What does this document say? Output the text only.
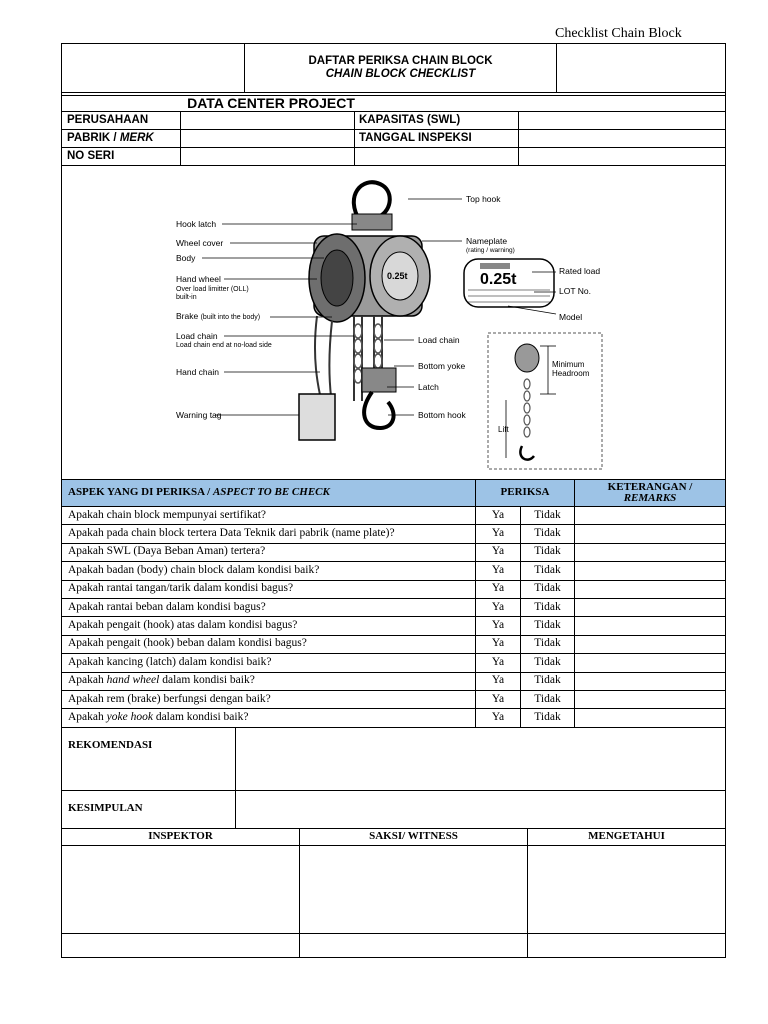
Checklist Chain Block
DAFTAR PERIKSA CHAIN BLOCK
CHAIN BLOCK CHECKLIST
DATA CENTER PROJECT
PERUSAHAAN	KAPASITAS (SWL)
PABRIK / MERK	TANGGAL INSPEKSI
NO SERI
0.25t
Hook latch
Wheel cover
Body
Hand wheel
Over load limitter (OLL)
built-in
Brake (built into the body)
Load chain
Load chain end at no-load side
Hand chain
Warning tag
Top hook
Nameplate
(rating / warning)
Load chain
Bottom yoke
Latch
Bottom hook
0.25t	Rated load
LOT No.
Model
Minimum
Headroom
Lift
ASPEK YANG DI PERIKSA / ASPECT TO BE CHECK	PERIKSA	KETERANGAN /
REMARKS
Apakah chain block mempunyai sertifikat?	Ya	Tidak
Apakah pada chain block tertera Data Teknik dari pabrik (name plate)?	Ya	Tidak
Apakah SWL (Daya Beban Aman) tertera?	Ya	Tidak
Apakah badan (body) chain block dalam kondisi baik?	Ya	Tidak
Apakah rantai tangan/tarik dalam kondisi bagus?	Ya	Tidak
Apakah rantai beban dalam kondisi bagus?	Ya	Tidak
Apakah pengait (hook) atas dalam kondisi bagus?	Ya	Tidak
Apakah pengait (hook) beban dalam kondisi bagus?	Ya	Tidak
Apakah kancing (latch) dalam kondisi baik?	Ya	Tidak
Apakah hand wheel dalam kondisi baik?	Ya	Tidak
Apakah rem (brake) berfungsi dengan baik?	Ya	Tidak
Apakah yoke hook dalam kondisi baik?	Ya	Tidak
REKOMENDASI
KESIMPULAN
INSPEKTOR	SAKSI/ WITNESS	MENGETAHUI
